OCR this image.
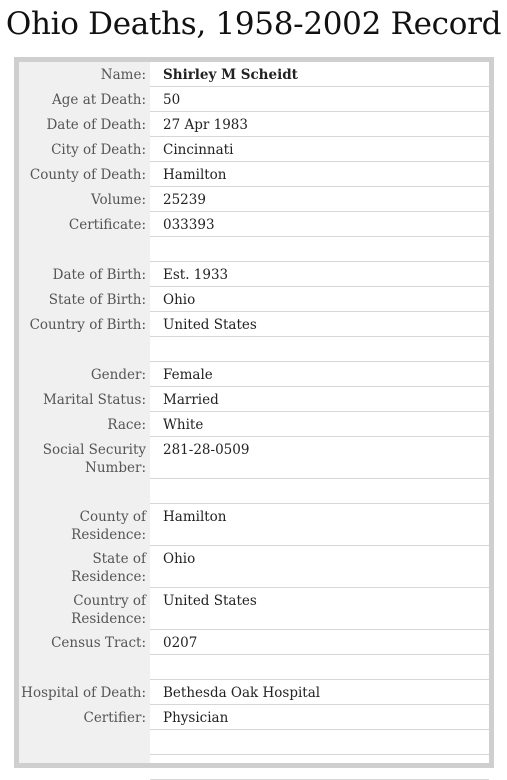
Ohio Deaths, 1958-2002 Record
Name:	Shirley M Scheidt
Age at Death:	50
Date of Death:	27 Apr 1983
City of Death:	Cincinnati
County of Death:	Hamilton
Volume:	25239
Certificate:	033393
Date of Birth:	Est. 1933
State of Birth:	Ohio
Country of Birth:	United States
Gender:	Female
Marital Status:	Married
Race:	White
Social Security Number:
281-28-0509
County of Residence:
Hamilton
State of Residence:
Ohio
Country of Residence:
United States
Census Tract:	0207
Hospital of Death:	Bethesda Oak Hospital
Certifier:	Physician
